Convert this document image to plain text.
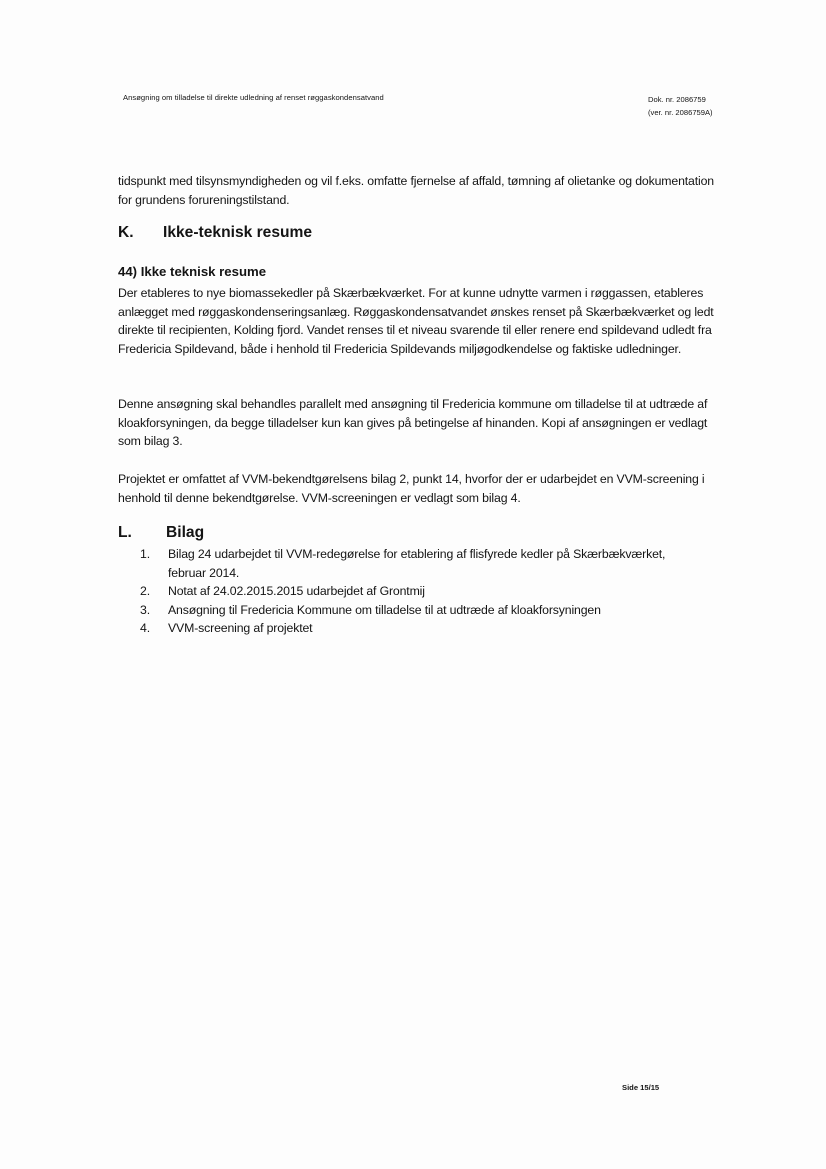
Ansøgning om tilladelse til direkte udledning af renset røggaskondensatvand	Dok. nr. 2086759
(ver. nr. 2086759A)

tidspunkt med tilsynsmyndigheden og vil f.eks. omfatte fjernelse af affald, tømning af olietanke og dokumentation for grundens forureningstilstand.

K. Ikke-teknisk resume
44) Ikke teknisk resume

Der etableres to nye biomassekedler på Skærbækværket. For at kunne udnytte varmen i røggassen, etableres anlægget med røggaskondenseringsanlæg. Røggaskondensatvandet ønskes renset på Skærbækværket og ledt direkte til recipienten, Kolding fjord. Vandet renses til et niveau svarende til eller renere end spildevand udledt fra Fredericia Spildevand, både i henhold til Fredericia Spildevands miljøgodkendelse og faktiske udledninger.

Denne ansøgning skal behandles parallelt med ansøgning til Fredericia kommune om tilladelse til at udtræde af kloakforsyningen, da begge tilladelser kun kan gives på betingelse af hinanden. Kopi af ansøgningen er vedlagt som bilag 3.

Projektet er omfattet af VVM-bekendtgørelsens bilag 2, punkt 14, hvorfor der er udarbejdet en VVM-screening i henhold til denne bekendtgørelse. VVM-screeningen er vedlagt som bilag 4.

L. Bilag
1.	Bilag 24 udarbejdet til VVM-redegørelse for etablering af flisfyrede kedler på Skærbækværket, februar 2014.
2.	Notat af 24.02.2015.2015 udarbejdet af Grontmij
3.	Ansøgning til Fredericia Kommune om tilladelse til at udtræde af kloakforsyningen
4.	VVM-screening af projektet
Side 15/15
